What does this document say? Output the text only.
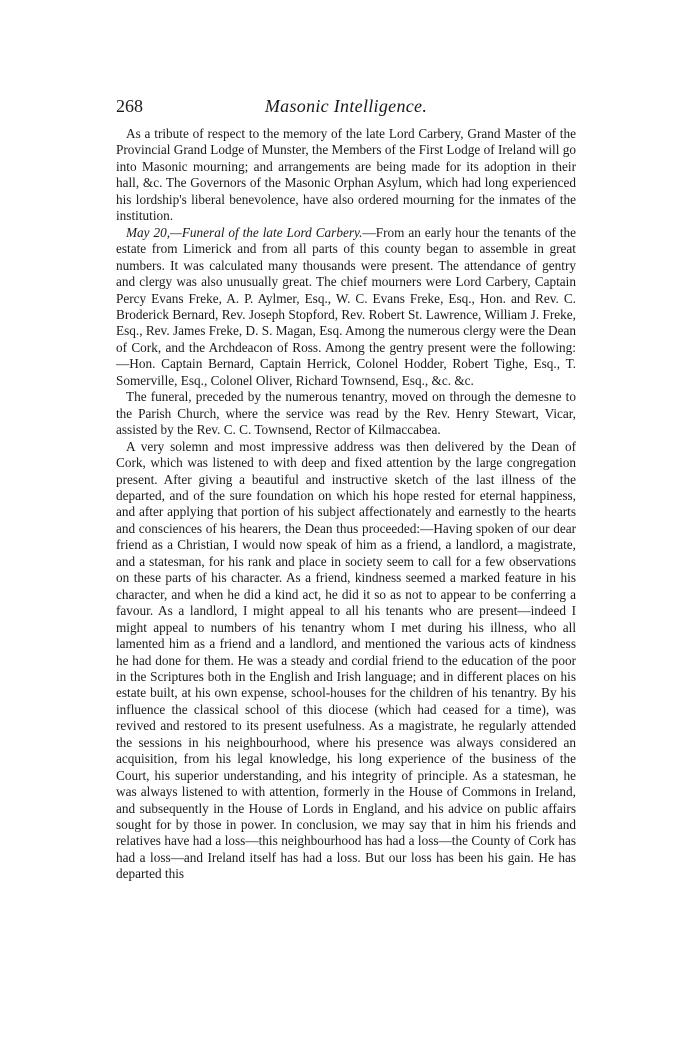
268	Masonic Intelligence.

As a tribute of respect to the memory of the late Lord Carbery, Grand Master of the Provincial Grand Lodge of Munster, the Members of the First Lodge of Ireland will go into Masonic mourning; and arrangements are being made for its adoption in their hall, &c. The Governors of the Masonic Orphan Asylum, which had long experienced his lordship's liberal benevolence, have also ordered mourning for the inmates of the institution.

May 20,—Funeral of the late Lord Carbery.—From an early hour the tenants of the estate from Limerick and from all parts of this county began to assemble in great numbers. It was calculated many thousands were present. The attendance of gentry and clergy was also unusually great. The chief mourners were Lord Carbery, Captain Percy Evans Freke, A. P. Aylmer, Esq., W. C. Evans Freke, Esq., Hon. and Rev. C. Broderick Bernard, Rev. Joseph Stopford, Rev. Robert St. Lawrence, William J. Freke, Esq., Rev. James Freke, D. S. Magan, Esq. Among the numerous clergy were the Dean of Cork, and the Archdeacon of Ross. Among the gentry present were the following:—Hon. Captain Bernard, Captain Herrick, Colonel Hodder, Robert Tighe, Esq., T. Somerville, Esq., Colonel Oliver, Richard Townsend, Esq., &c. &c.

The funeral, preceded by the numerous tenantry, moved on through the demesne to the Parish Church, where the service was read by the Rev. Henry Stewart, Vicar, assisted by the Rev. C. C. Townsend, Rector of Kilmaccabea.

A very solemn and most impressive address was then delivered by the Dean of Cork, which was listened to with deep and fixed attention by the large congregation present. After giving a beautiful and instructive sketch of the last illness of the departed, and of the sure foundation on which his hope rested for eternal happiness, and after applying that portion of his subject affectionately and earnestly to the hearts and consciences of his hearers, the Dean thus proceeded:—Having spoken of our dear friend as a Christian, I would now speak of him as a friend, a landlord, a magistrate, and a statesman, for his rank and place in society seem to call for a few observations on these parts of his character. As a friend, kindness seemed a marked feature in his character, and when he did a kind act, he did it so as not to appear to be conferring a favour. As a landlord, I might appeal to all his tenants who are present—indeed I might appeal to numbers of his tenantry whom I met during his illness, who all lamented him as a friend and a landlord, and mentioned the various acts of kindness he had done for them. He was a steady and cordial friend to the education of the poor in the Scriptures both in the English and Irish language; and in different places on his estate built, at his own expense, school-houses for the children of his tenantry. By his influence the classical school of this diocese (which had ceased for a time), was revived and restored to its present usefulness. As a magistrate, he regularly attended the sessions in his neighbourhood, where his presence was always considered an acquisition, from his legal knowledge, his long experience of the business of the Court, his superior understanding, and his integrity of principle. As a statesman, he was always listened to with attention, formerly in the House of Commons in Ireland, and subsequently in the House of Lords in England, and his advice on public affairs sought for by those in power. In conclusion, we may say that in him his friends and relatives have had a loss—this neighbourhood has had a loss—the County of Cork has had a loss—and Ireland itself has had a loss. But our loss has been his gain. He has departed this
